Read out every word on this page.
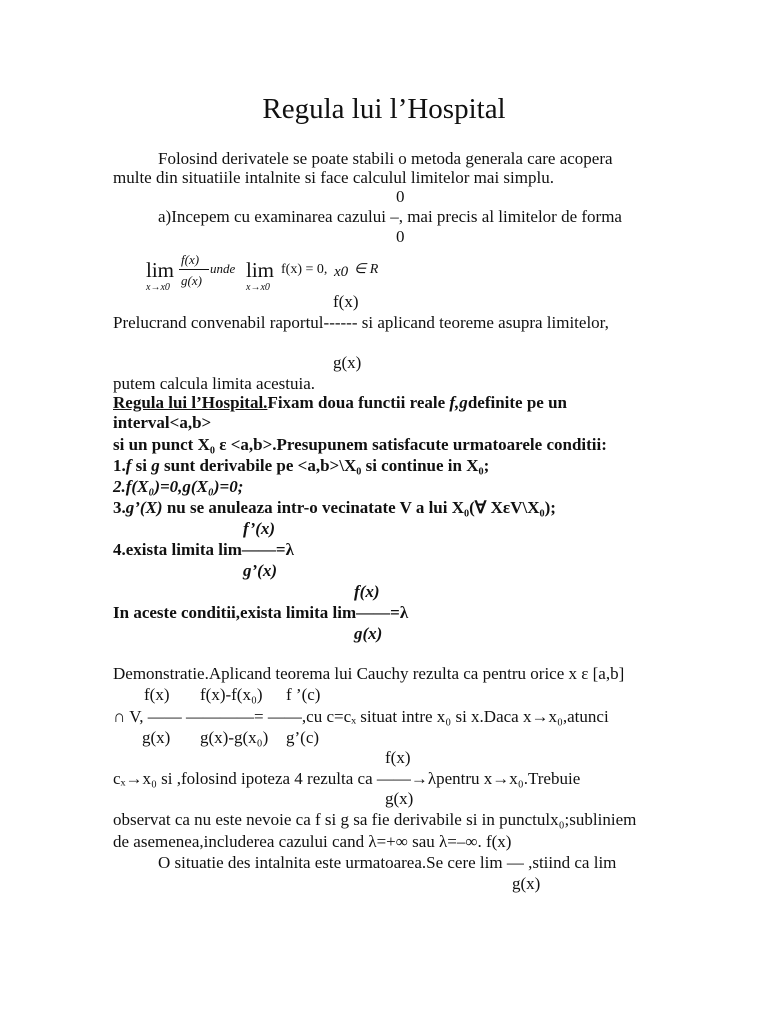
Regula lui l’Hospital
Folosind derivatele se poate stabili o metoda generala care acopera
multe din situatiile intalnite si face calculul limitelor mai simplu.
0
a)Incepem cu examinarea cazului –, mai precis al limitelor de forma
0
lim
x→x0
f(x)
g(x)
unde lim
x→x0
f(x) = 0, x0 ∈ R
f(x)
Prelucrand convenabil raportul------ si aplicand teoreme asupra limitelor,
g(x)
putem calcula limita acestuia.
Regula lui l’Hospital.Fixam doua functii reale f,gdefinite pe un
interval<a,b>
si un punct X₀ ε <a,b>.Presupunem satisfacute urmatoarele conditii:
1.f si g sunt derivabile pe <a,b>\X₀ si continue in X₀;
2.f(X₀)=0,g(X₀)=0;
3.g’(X) nu se anuleaza intr-o vecinatate V a lui X₀(∀ XεV\X₀);
f’(x)
4.exista limita lim——=λ
g’(x)
f(x)
In aceste conditii,exista limita lim——=λ
g(x)
Demonstratie.Aplicand teorema lui Cauchy rezulta ca pentru orice x ε [a,b]
f(x) f(x)-f(x₀) f ’(c)
∩ V, —— ————= ——,cu c=cₓ situat intre x₀ si x.Daca x→x₀,atunci
g(x) g(x)-g(x₀) g’(c)
f(x)
cₓ→x₀ si ,folosind ipoteza 4 rezulta ca ——→λpentru x→x₀.Trebuie
g(x)
observat ca nu este nevoie ca f si g sa fie derivabile si in punctulx₀;subliniem
de asemenea,includerea cazului cand λ=+∞ sau λ=–∞. f(x)
O situatie des intalnita este urmatoarea.Se cere lim — ,stiind ca lim
g(x)
